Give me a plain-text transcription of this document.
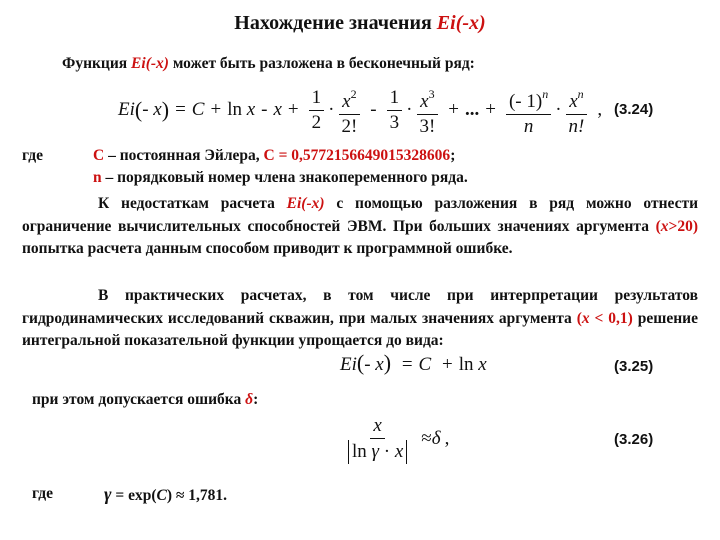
Нахождение значения Ei(-x)
Функция Ei(-x) может быть разложена в бесконечный ряд:
Ei ( -
x ) = C + ln
$x - x + \frac{1}{2} \cdot \frac{x^2}{2!} - \frac{1}{3} \cdot \frac{x^3}{3!}$ + ... + $\frac{(- 1)^n}{n} \cdot \frac{x^n}{n!}$ , (3.24)
где	C – постоянная Эйлера, C = 0,5772156649015328606;
n – порядковый номер члена знакопеременного ряда.
К недостаткам расчета Ei(-x) с помощью разложения в ряд можно отнести ограничение вычислительных способностей ЭВМ. При больших значениях аргумента (x>20) попытка расчета данным способом приводит к программной ошибке.
В практических расчетах, в том числе при интерпретации результатов гидродинамических исследований скважин, при малых значениях аргумента (x < 0,1) решение интегральной показательной функции упрощается до вида:
Ei(- x) = C + ln x	(3.25)
при этом допускается ошибка δ:
x
ln
γ
·
x ≈ δ ,	(3.26)
где	γ = exp(C) ≈ 1,781.
